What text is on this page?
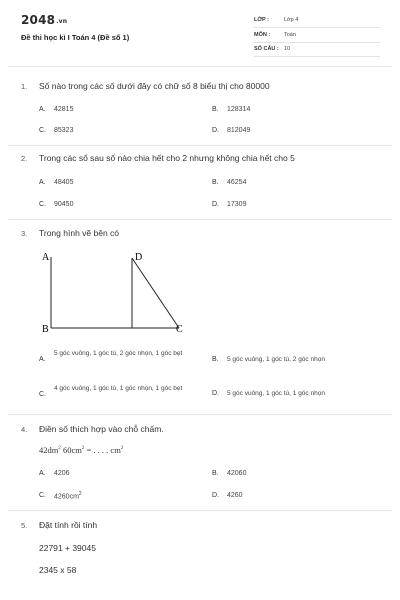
2048.vn
Đề thi học kì I Toán 4 (Đề số 1)
LỚP :	Lớp 4
MÔN :	Toán
SỐ CÂU : 10
1. Số nào trong các số dưới đây có chữ số 8 biểu thị cho 80000
A. 42815	B. 128314
C. 85323	D. 812049
2. Trong các số sau số nào chia hết cho 2 nhưng không chia hết cho 5
A. 48405	B. 46254
C. 90450	D. 17309
3. Trong hình vẽ bên có
A
B	C
D
A.
5 góc vuông, 1 góc tù, 2 góc nhọn, 1 góc bẹt
B. 5 góc vuông, 1 góc tù, 2 góc nhọn
C.
4 góc vuông, 1 góc tù, 1 góc nhọn, 1 góc bẹt
D. 5 góc vuông, 1 góc tù, 1 góc nhọn
4. Điền số thích hợp vào chỗ chấm.
$42dm^2$ $60cm^2$ = . . . . $cm^2$
A. 4206	B. 42060
C. $4260cm^2$	D. 4260
5. Đặt tính rồi tính
22791 + 39045
2345 x 58
